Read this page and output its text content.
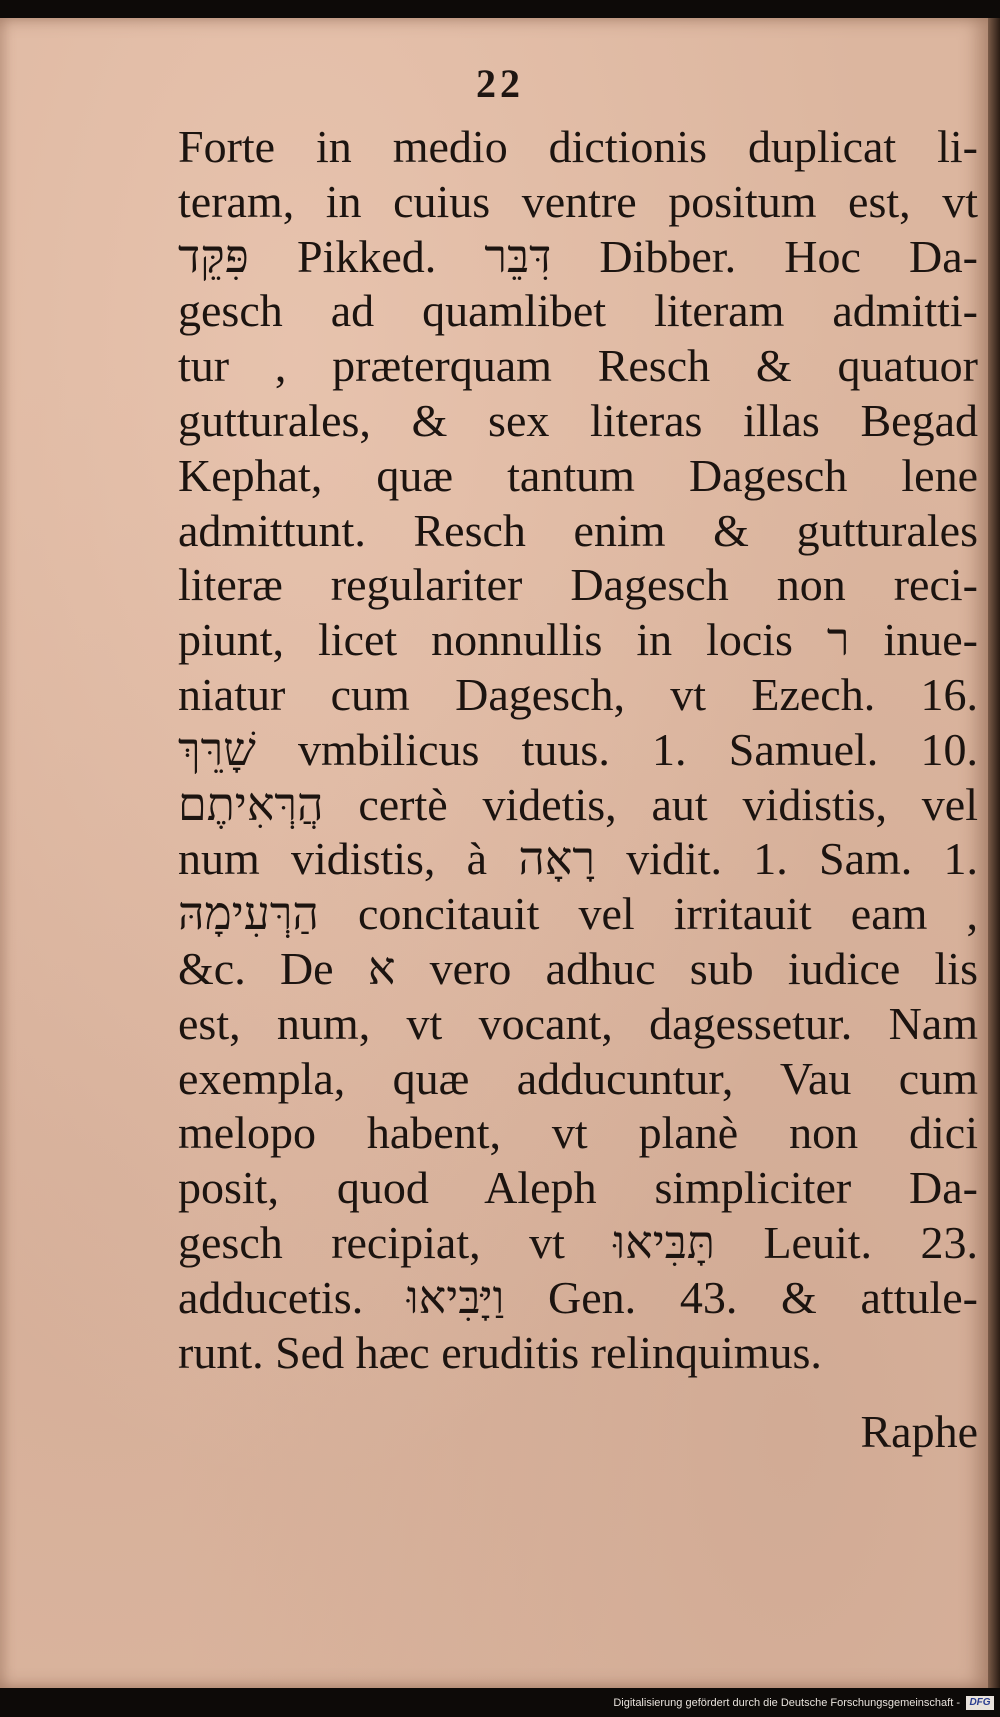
22
Forte in medio dictionis duplicat li-
teram, in cuius ventre positum est, vt
פִּקֵּד Pikked. דִּבֵּר Dibber. Hoc Da-
gesch ad quamlibet literam admitti-
tur , præterquam Resch & quatuor
gutturales, & sex literas illas Begad
Kephat, quæ tantum Dagesch lene
admittunt. Resch enim & gutturales
literæ regulariter Dagesch non reci-
piunt, licet nonnullis in locis ר inue-
niatur cum Dagesch, vt Ezech. 16.
שָׁרֵּךְ vmbilicus tuus. 1. Samuel. 10.
הֲרְּאִיתֶם certè videtis, aut vidistis, vel
num vidistis, à רָאָה vidit. 1. Sam. 1.
הַרְּעִימָהּ concitauit vel irritauit eam ,
&c. De א vero adhuc sub iudice lis
est, num, vt vocant, dagessetur. Nam
exempla, quæ adducuntur, Vau cum
melopo habent, vt planè non dici
posit, quod Aleph simpliciter Da-
gesch recipiat, vt תָּבִּיאוּ Leuit. 23.
adducetis. וַיָּבִּיאוּ Gen. 43. & attule-
runt. Sed hæc eruditis relinquimus.
Raphe
Digitalisierung gefördert durch die Deutsche Forschungsgemeinschaft - DFG
